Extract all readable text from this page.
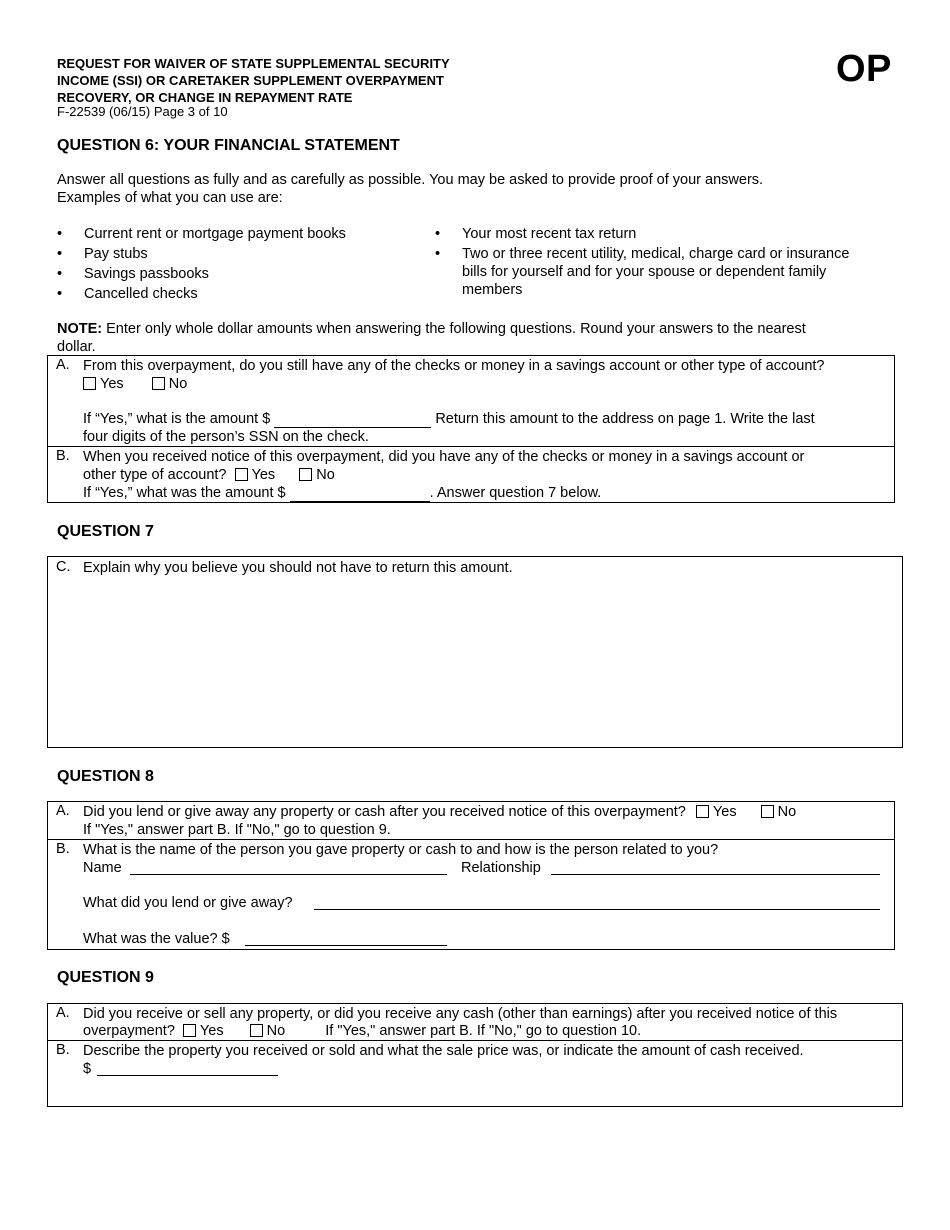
REQUEST FOR WAIVER OF STATE SUPPLEMENTAL SECURITY
INCOME (SSI) OR CARETAKER SUPPLEMENT OVERPAYMENT
RECOVERY, OR CHANGE IN REPAYMENT RATE
F-22539 (06/15) Page 3 of 10
OP
QUESTION 6: YOUR FINANCIAL STATEMENT
Answer all questions as fully and as carefully as possible. You may be asked to provide proof of your answers.
Examples of what you can use are:
•	Current rent or mortgage payment books
•	Pay stubs
•	Savings passbooks
•	Cancelled checks
•	Your most recent tax return
•	Two or three recent utility, medical, charge card or insurance
bills for yourself and for your spouse or dependent family
members
NOTE: Enter only whole dollar amounts when answering the following questions. Round your answers to the nearest
dollar.
A. From this overpayment, do you still have any of the checks or money in a savings account or other type of account?
Yes	No
If “Yes,” what is the amount $	Return this amount to the address on page 1. Write the last
four digits of the person’s SSN on the check.
B. When you received notice of this overpayment, did you have any of the checks or money in a savings account or
other type of account? Yes	No
If “Yes,” what was the amount $	. Answer question 7 below.
QUESTION 7
C. Explain why you believe you should not have to return this amount.
QUESTION 8
A. Did you lend or give away any property or cash after you received notice of this overpayment? Yes	No
If "Yes," answer part B. If "No," go to question 9.
B. What is the name of the person you gave property or cash to and how is the person related to you?
Name	Relationship
What did you lend or give away?
What was the value? $
QUESTION 9
A. Did you receive or sell any property, or did you receive any cash (other than earnings) after you received notice of this
overpayment? Yes	No	If "Yes," answer part B. If "No," go to question 10.
B. Describe the property you received or sold and what the sale price was, or indicate the amount of cash received.
$
